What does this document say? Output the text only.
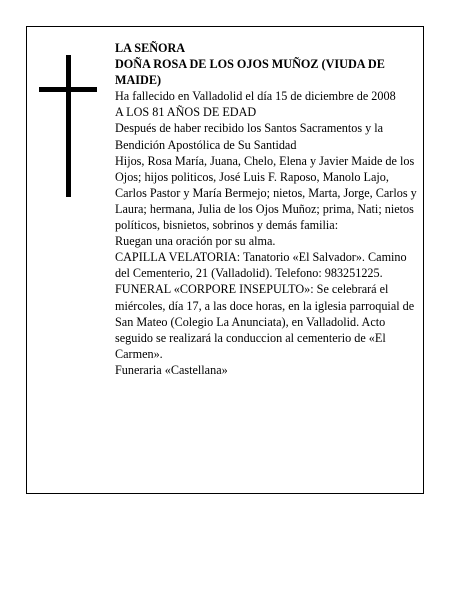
LA SEÑORA

DOÑA ROSA DE LOS OJOS MUÑOZ (VIUDA DE MAIDE)

Ha fallecido en Valladolid el día 15 de diciembre de 2008

A LOS 81 AÑOS DE EDAD

Después de haber recibido los Santos Sacramentos y la Bendición Apostólica de Su Santidad

Hijos, Rosa María, Juana, Chelo, Elena y Javier Maide de los Ojos; hijos politicos, José Luis F. Raposo, Manolo Lajo, Carlos Pastor y María Bermejo; nietos, Marta, Jorge, Carlos y Laura; hermana, Julia de los Ojos Muñoz; prima, Nati; nietos políticos, bisnietos, sobrinos y demás familia:

Ruegan una oración por su alma.

CAPILLA VELATORIA: Tanatorio «El Salvador». Camino del Cementerio, 21 (Valladolid). Telefono: 983251225.

FUNERAL «CORPORE INSEPULTO»: Se celebrará el miércoles, día 17, a las doce horas, en la iglesia parroquial de San Mateo (Colegio La Anunciata), en Valladolid. Acto seguido se realizará la conduccion al cementerio de «El Carmen».

Funeraria «Castellana»
